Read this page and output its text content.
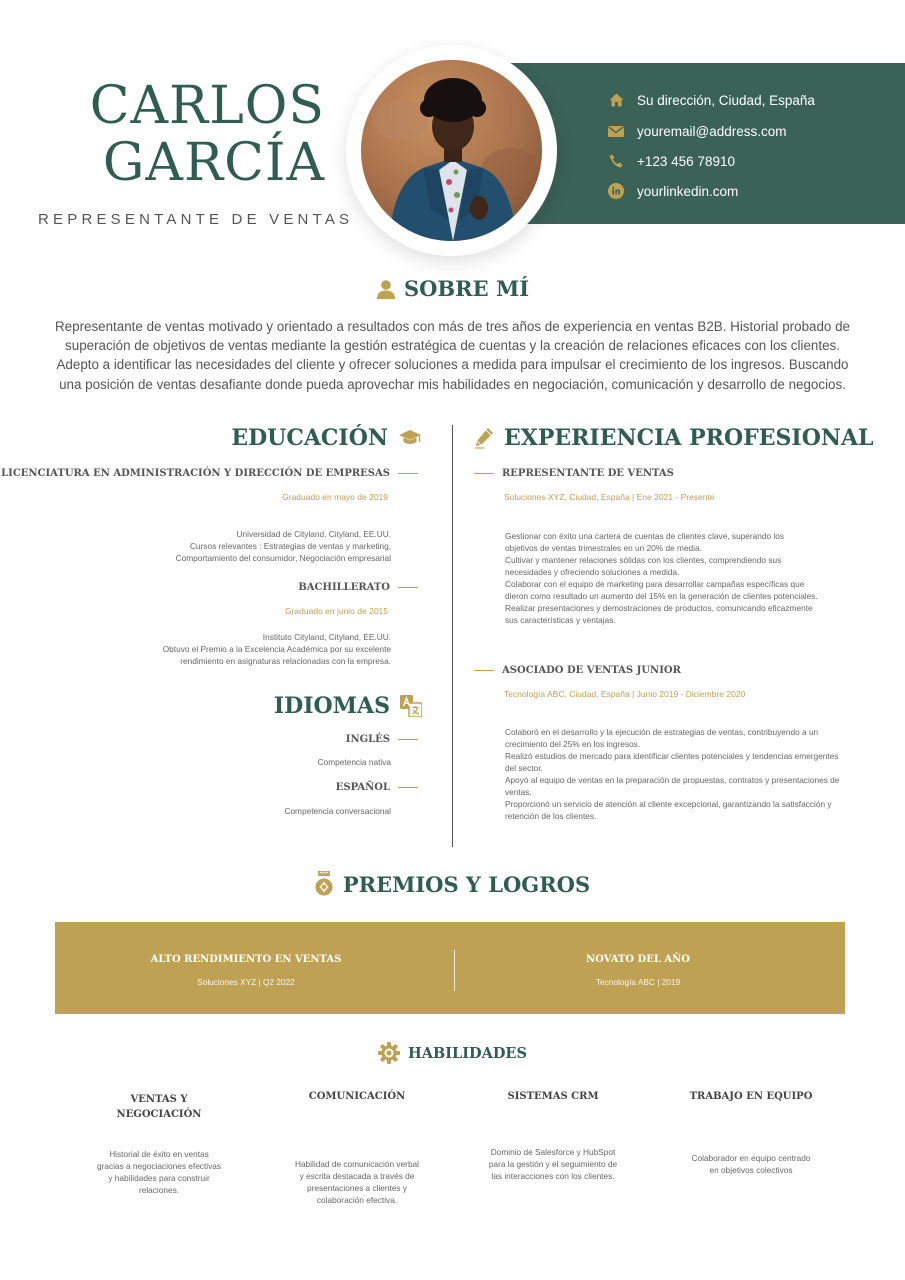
CARLOS
GARCÍA
REPRESENTANTE DE VENTAS
Su dirección, Ciudad, España
youremail@address.com
+123 456 78910
yourlinkedin.com
SOBRE MÍ
Representante de ventas motivado y orientado a resultados con más de tres años de experiencia en ventas B2B. Historial probado de
superación de objetivos de ventas mediante la gestión estratégica de cuentas y la creación de relaciones eficaces con los clientes.
Adepto a identificar las necesidades del cliente y ofrecer soluciones a medida para impulsar el crecimiento de los ingresos. Buscando
una posición de ventas desafiante donde pueda aprovechar mis habilidades en negociación, comunicación y desarrollo de negocios.
EDUCACIÓN
LICENCIATURA EN ADMINISTRACIÓN Y DIRECCIÓN DE EMPRESAS
Graduado en mayo de 2019
Universidad de Cityland, Cityland, EE.UU.
Cursos relevantes : Estrategias de ventas y marketing,
Comportamiento del consumidor, Negociación empresarial
BACHILLERATO
Graduado en junio de 2015
Instituto Cityland, Cityland, EE.UU.
Obtuvo el Premio a la Excelencia Académica por su excelente
rendimiento en asignaturas relacionadas con la empresa.
IDIOMAS
INGLÉS
Competencia nativa
ESPAÑOL
Competencia conversacional
EXPERIENCIA PROFESIONAL
REPRESENTANTE DE VENTAS
Soluciones XYZ, Ciudad, España | Ene 2021 - Presente
Gestionar con éxito una cartera de cuentas de clientes clave, superando los
objetivos de ventas trimestrales en un 20% de media.
Cultivar y mantener relaciones sólidas con los clientes, comprendiendo sus
necesidades y ofreciendo soluciones a medida.
Colaborar con el equipo de marketing para desarrollar campañas específicas que
dieron como resultado un aumento del 15% en la generación de clientes potenciales.
Realizar presentaciones y demostraciones de productos, comunicando eficazmente
sus características y ventajas.
ASOCIADO DE VENTAS JUNIOR
Tecnología ABC, Ciudad, España | Junio 2019 - Diciembre 2020
Colaboró en el desarrollo y la ejecución de estrategias de ventas, contribuyendo a un
crecimiento del 25% en los ingresos.
Realizó estudios de mercado para identificar clientes potenciales y tendencias emergentes
del sector.
Apoyó al equipo de ventas en la preparación de propuestas, contratos y presentaciones de
ventas.
Proporcionó un servicio de atención al cliente excepcional, garantizando la satisfacción y
retención de los clientes.
PREMIOS Y LOGROS
ALTO RENDIMIENTO EN VENTAS
Soluciones XYZ | Q2 2022
NOVATO DEL AÑO
Tecnología ABC | 2019
HABILIDADES
VENTAS Y
NEGOCIACIÓN
Historial de éxito en ventas
gracias a negociaciones efectivas
y habilidades para construir
relaciones.
COMUNICACIÓN
Habilidad de comunicación verbal
y escrita destacada a través de
presentaciones a clientes y
colaboración efectiva.
SISTEMAS CRM
Dominio de Salesforce y HubSpot
para la gestión y el seguimiento de
las interacciones con los clientes.
TRABAJO EN EQUIPO
Colaborador en equipo centrado
en objetivos colectivos
